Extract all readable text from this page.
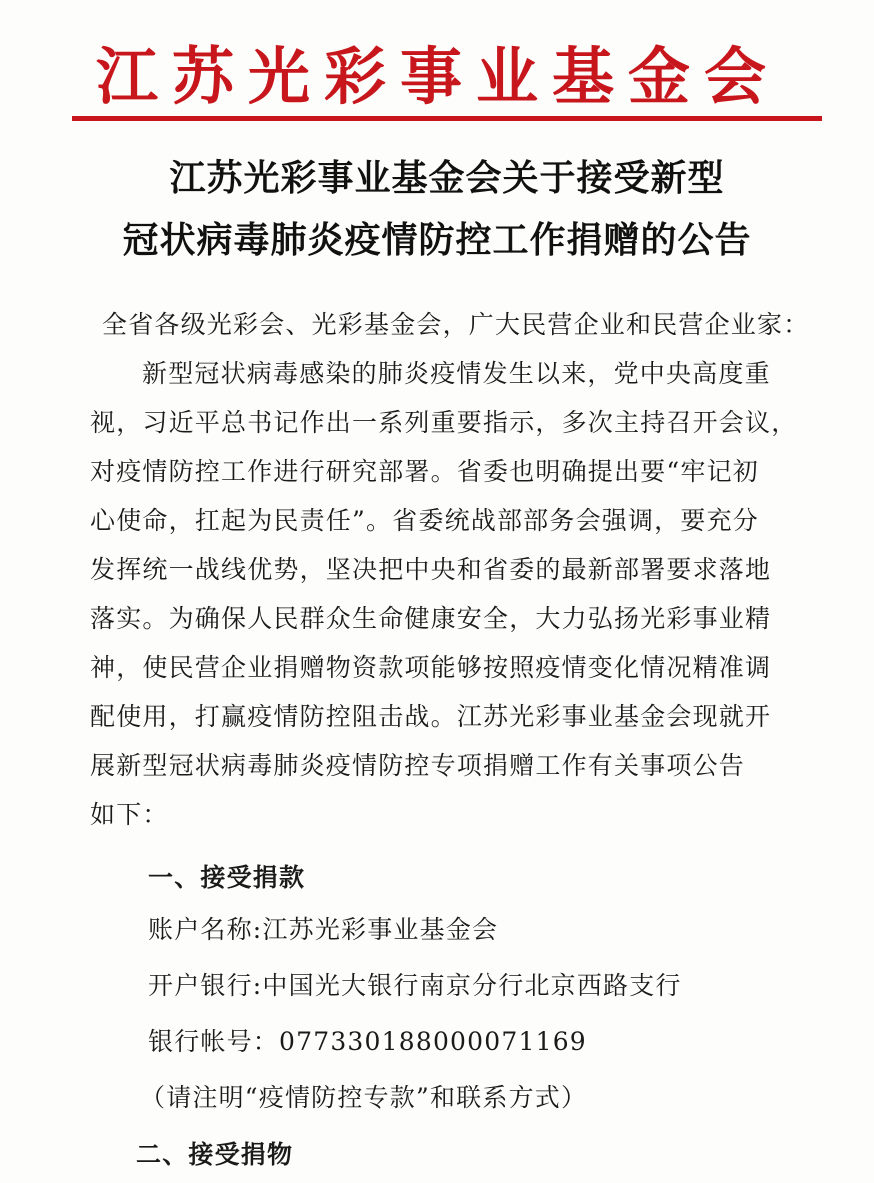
江苏光彩事业基金会
江苏光彩事业基金会关于接受新型
冠状病毒肺炎疫情防控工作捐赠的公告
全省各级光彩会、光彩基金会，广大民营企业和民营企业家：
新型冠状病毒感染的肺炎疫情发生以来，党中央高度重
视，习近平总书记作出一系列重要指示，多次主持召开会议，
对疫情防控工作进行研究部署。省委也明确提出要“牢记初
心使命，扛起为民责任”。省委统战部部务会强调，要充分
发挥统一战线优势，坚决把中央和省委的最新部署要求落地
落实。为确保人民群众生命健康安全，大力弘扬光彩事业精
神，使民营企业捐赠物资款项能够按照疫情变化情况精准调
配使用，打赢疫情防控阻击战。江苏光彩事业基金会现就开
展新型冠状病毒肺炎疫情防控专项捐赠工作有关事项公告
如下：
一、接受捐款
账户名称:江苏光彩事业基金会
开户银行:中国光大银行南京分行北京西路支行
银行帐号：07733018800007116​9
（请注明“疫情防控专款”和联系方式）
二、接受捐物
